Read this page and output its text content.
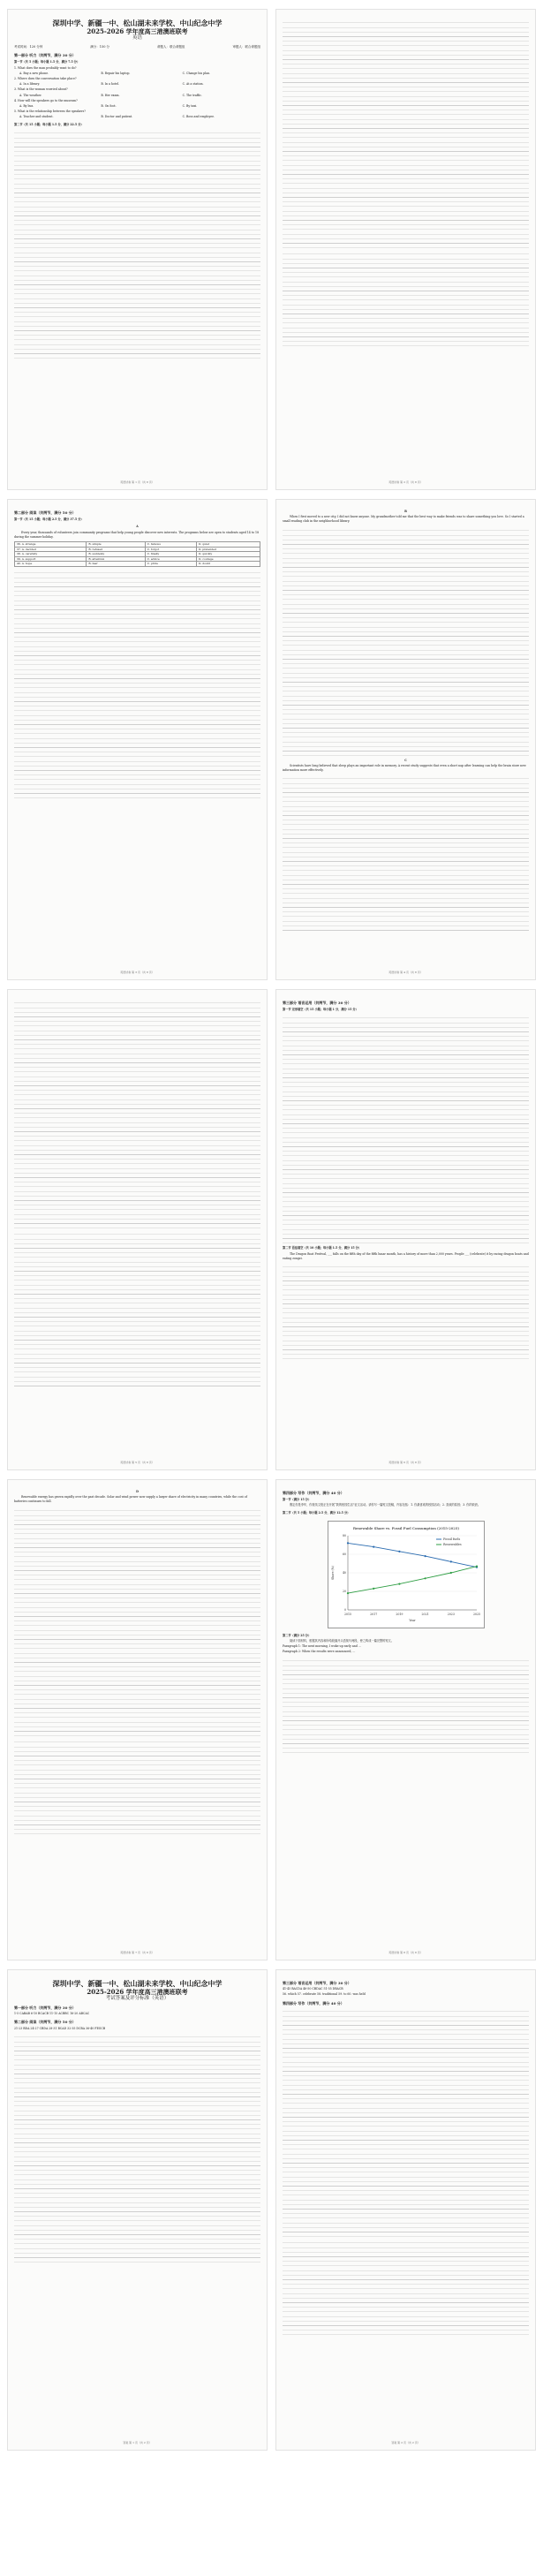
深圳中学、新疆一中、松山湖未来学校、中山纪念中学
2025-2026 学年度高三港澳班联考
英语
考试时间：120 分钟	满分：150 分	命题人：联合命题组	审题人：联合命题组
第一部分 听力（共两节，满分 30 分）
第一节（共 5 小题；每小题 1.5 分，满分 7.5 分）
1. What does the man probably want to do?
A. Buy a new phone.	B. Repair his laptop.	C. Change his plan.
2. Where does the conversation take place?
A. In a library.	B. In a hotel.	C. At a station.
3. What is the woman worried about?
A. The weather.	B. Her exam.	C. The traffic.
4. How will the speakers go to the museum?
A. By bus.	B. On foot.	C. By taxi.
5. What is the relationship between the speakers?
A. Teacher and student.	B. Doctor and patient.	C. Boss and employee.
第二节（共 15 小题；每小题 1.5 分，满分 22.5 分）
英语试卷 第 1 页（共 8 页）	英语试卷 第 2 页（共 8 页）
第二部分 阅读（共两节，满分 50 分）
第一节（共 15 小题；每小题 2.5 分，满分 37.5 分）
A
Every year, thousands of volunteers join community programs that help young people discover new interests. The programs below are open to students aged 14 to 18 during the summer holiday.
36. A. strange	B. simple	C. famous	D. quiet
37. A. decided	B. refused	C. forgot	D. pretended
38. A. carefully	B. suddenly	C. finally	D. quickly
39. A. support	B. attention	C. advice	D. courage
40. A. hope	B. fear	C. pride	D. doubt
英语试卷 第 3 页（共 8 页）
B
When I first moved to a new city, I did not know anyone. My grandmother told me that the best way to make friends was to share something you love. So I started a small reading club in the neighborhood library.
C
Scientists have long believed that sleep plays an important role in memory. A recent study suggests that even a short nap after learning can help the brain store new information more effectively.
英语试卷 第 4 页（共 8 页）
英语试卷 第 5 页（共 8 页）
第三部分 语言运用（共两节，满分 30 分）
第一节 完形填空（共 15 小题；每小题 1 分，满分 15 分）
第二节 语法填空（共 10 小题；每小题 1.5 分，满分 15 分）
The Dragon Boat Festival, ___ falls on the fifth day of the fifth lunar month, has a history of more than 2,000 years. People ___ (celebrate) it by racing dragon boats and eating zongzi.
英语试卷 第 6 页（共 8 页）
D
Renewable energy has grown rapidly over the past decade. Solar and wind power now supply a larger share of electricity in many countries, while the cost of batteries continues to fall.
英语试卷 第 7 页（共 8 页）
第四部分 写作（共两节，满分 40 分）
第一节（满分 15 分）
假定你是李华，你校英文报正在开展“我的校园生活”征文活动。请你写一篇短文投稿，内容包括：1. 你最喜欢的校园活动；2. 喜欢的原因；3. 你的收获。
第二节（共 5 小题；每小题 2.5 分，满分 12.5 分）
Renewable Share vs. Fossil Fuel Consumption (2015-2025)
0
20
40
60
80
2015	2017	2019	2021	2023	2025
Year
Share (%)
Fossil fuels
Renewables
第二节（满分 25 分）
阅读下面材料，根据其内容和所给段落开头语续写两段，使之构成一篇完整的短文。
Paragraph 1: The next morning, I woke up early and ...
Paragraph 2: When the results were announced, ...
英语试卷 第 8 页（共 8 页）
深圳中学、新疆一中、松山湖未来学校、中山纪念中学
2025-2026 学年度高三港澳班联考
考试答案及评分标准（英语）
第一部分 听力（共两节，满分 30 分）
1-5 CABAB 6-10 BCACB 11-15 ACBBC 16-20 ABCAC
第二部分 阅读（共两节，满分 50 分）
21-23 BDA 24-27 CBDA 28-31 BCAD 32-35 DCBA 36-40 FEGCB
答案 第 1 页（共 2 页）
第三部分 语言运用（共两节，满分 30 分）
41-45 BACDA 46-50 CBDAC 51-55 DBACB
56. which 57. celebrate 58. traditional 59. to 60. was held
第四部分 写作（共两节，满分 40 分）
答案 第 2 页（共 2 页）
